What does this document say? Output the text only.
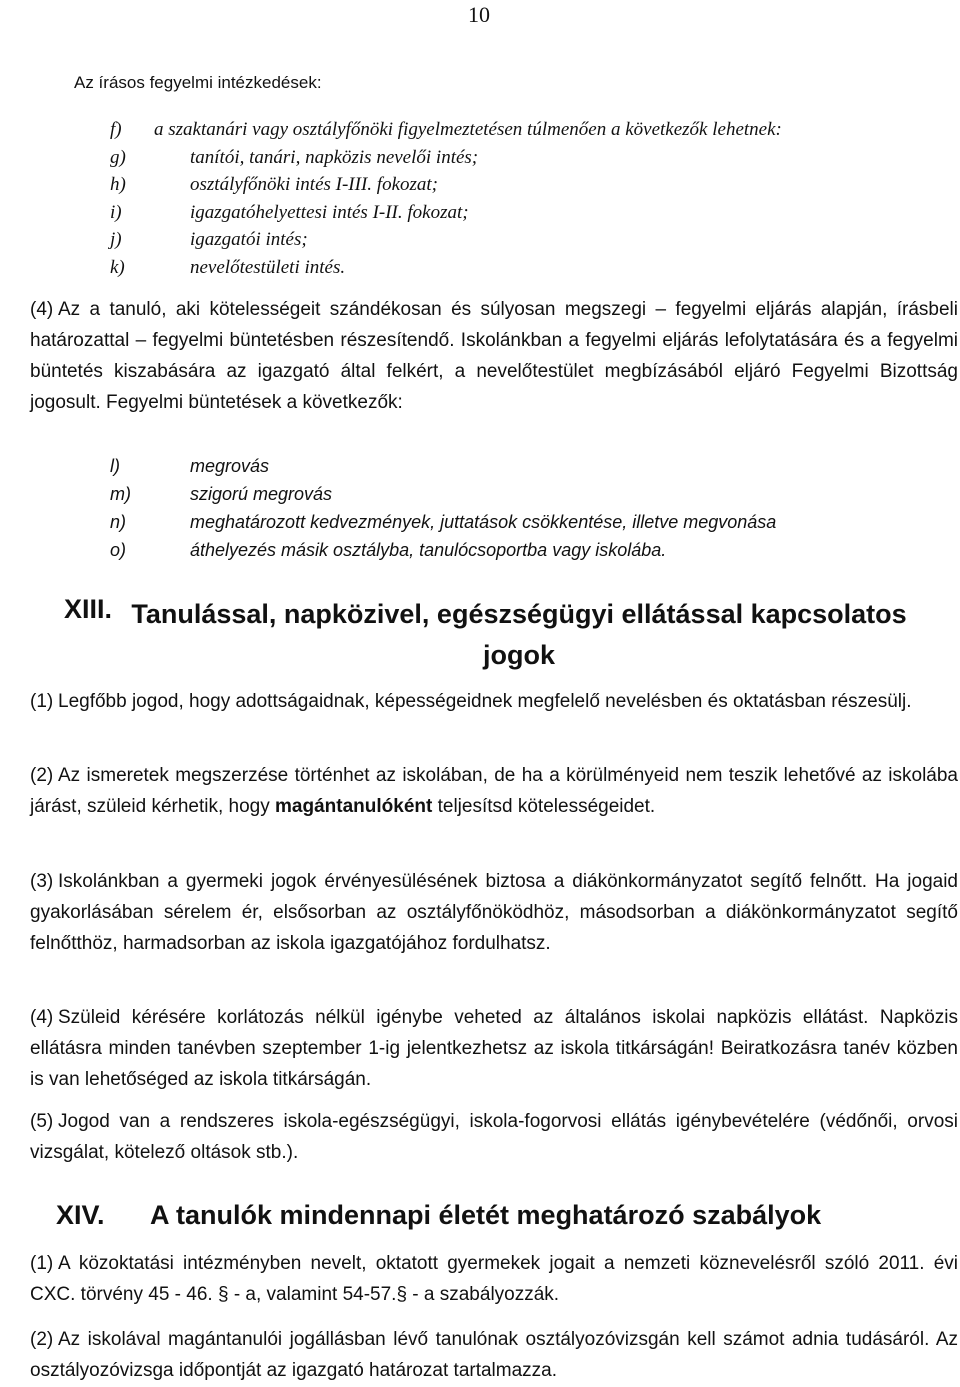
10
Az írásos fegyelmi intézkedések:
f)	a szaktanári vagy osztályfőnöki figyelmeztetésen túlmenően a következők lehetnek:
g)	tanítói, tanári, napközis nevelői intés;
h)	osztályfőnöki intés I-III. fokozat;
i)	igazgatóhelyettesi intés I-II. fokozat;
j)	igazgatói intés;
k)	nevelőtestületi intés.
(4) Az a tanuló, aki kötelességeit szándékosan és súlyosan megszegi – fegyelmi eljárás alapján, írásbeli határozattal – fegyelmi büntetésben részesítendő. Iskolánkban a fegyelmi eljárás lefolytatására és a fegyelmi büntetés kiszabására az igazgató által felkért, a nevelőtestület megbízásából eljáró Fegyelmi Bizottság jogosult. Fegyelmi büntetések a következők:
l)	megrovás
m)	szigorú megrovás
n)	meghatározott kedvezmények, juttatások csökkentése, illetve megvonása
o)	áthelyezés másik osztályba, tanulócsoportba vagy iskolába.
XIII. Tanulással, napközivel, egészségügyi ellátással kapcsolatos jogok
(1) Legfőbb jogod, hogy adottságaidnak, képességeidnek megfelelő nevelésben és oktatásban részesülj.
(2) Az ismeretek megszerzése történhet az iskolában, de ha a körülményeid nem teszik lehetővé az iskolába járást, szüleid kérhetik, hogy magántanulóként teljesítsd kötelességeidet.
(3) Iskolánkban a gyermeki jogok érvényesülésének biztosa a diákönkormányzatot segítő felnőtt. Ha jogaid gyakorlásában sérelem ér, elsősorban az osztályfőnöködhöz, másodsorban a diákönkormányzatot segítő felnőtthöz, harmadsorban az iskola igazgatójához fordulhatsz.
(4) Szüleid kérésére korlátozás nélkül igénybe veheted az általános iskolai napközis ellátást. Napközis ellátásra minden tanévben szeptember 1-ig jelentkezhetsz az iskola titkárságán! Beiratkozásra tanév közben is van lehetőséged az iskola titkárságán.
(5) Jogod van a rendszeres iskola-egészségügyi, iskola-fogorvosi ellátás igénybevételére (védőnői, orvosi vizsgálat, kötelező oltások stb.).
XIV. A tanulók mindennapi életét meghatározó szabályok
(1) A közoktatási intézményben nevelt, oktatott gyermekek jogait a nemzeti köznevelésről szóló 2011. évi CXC. törvény 45 - 46. § - a, valamint 54-57.§ - a szabályozzák.
(2) Az iskolával magántanulói jogállásban lévő tanulónak osztályozóvizsgán kell számot adnia tudásáról. Az osztályozóvizsga időpontját az igazgató határozat tartalmazza.
